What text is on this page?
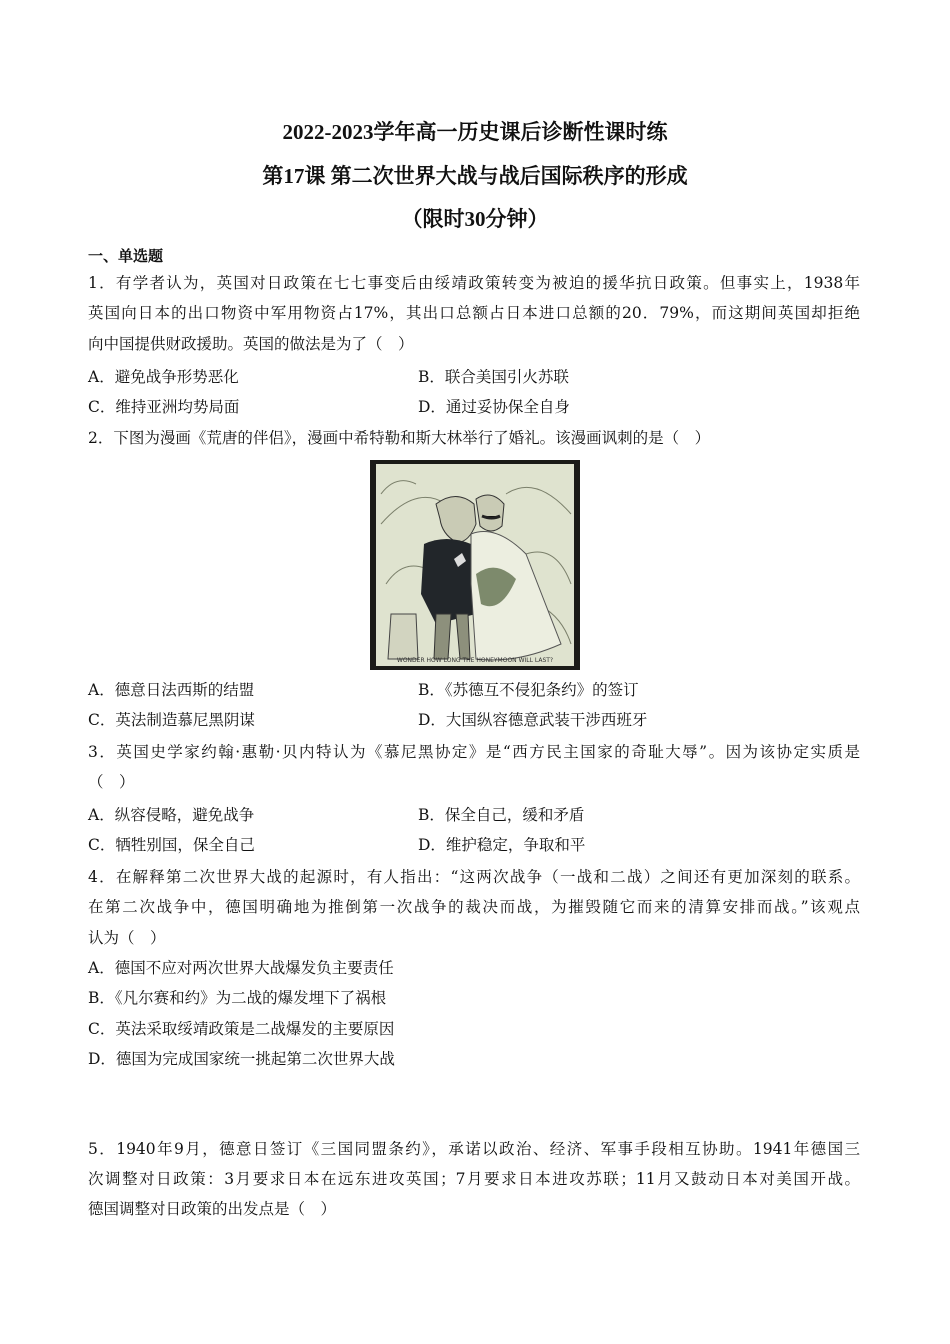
2022-2023学年高一历史课后诊断性课时练
第17课 第二次世界大战与战后国际秩序的形成
（限时30分钟）
一、单选题
1．有学者认为，英国对日政策在七七事变后由绥靖政策转变为被迫的援华抗日政策。但事实上，1938年
英国向日本的出口物资中军用物资占17%，其出口总额占日本进口总额的20．79%，而这期间英国却拒绝
向中国提供财政援助。英国的做法是为了（　）
A．避免战争形势恶化	B．联合美国引火苏联
C．维持亚洲均势局面	D．通过妥协保全自身
2．下图为漫画《荒唐的伴侣》，漫画中希特勒和斯大林举行了婚礼。该漫画讽刺的是（　）
WONDER HOW LONG THE HONEYMOON WILL LAST?
A．德意日法西斯的结盟	B．《苏德互不侵犯条约》的签订
C．英法制造慕尼黑阴谋	D．大国纵容德意武装干涉西班牙
3．英国史学家约翰·惠勒·贝内特认为《慕尼黑协定》是“西方民主国家的奇耻大辱”。因为该协定实质是
（　）
A．纵容侵略，避免战争	B．保全自己，缓和矛盾
C．牺牲别国，保全自己	D．维护稳定，争取和平
4．在解释第二次世界大战的起源时，有人指出：“这两次战争（一战和二战）之间还有更加深刻的联系。
在第二次战争中，德国明确地为推倒第一次战争的裁决而战，为摧毁随它而来的清算安排而战。”该观点
认为（　）
A．德国不应对两次世界大战爆发负主要责任
B．《凡尔赛和约》为二战的爆发埋下了祸根
C．英法采取绥靖政策是二战爆发的主要原因
D．德国为完成国家统一挑起第二次世界大战
5．1940年9月，德意日签订《三国同盟条约》，承诺以政治、经济、军事手段相互协助。1941年德国三
次调整对日政策：3月要求日本在远东进攻英国；7月要求日本进攻苏联；11月又鼓动日本对美国开战。
德国调整对日政策的出发点是（　）
